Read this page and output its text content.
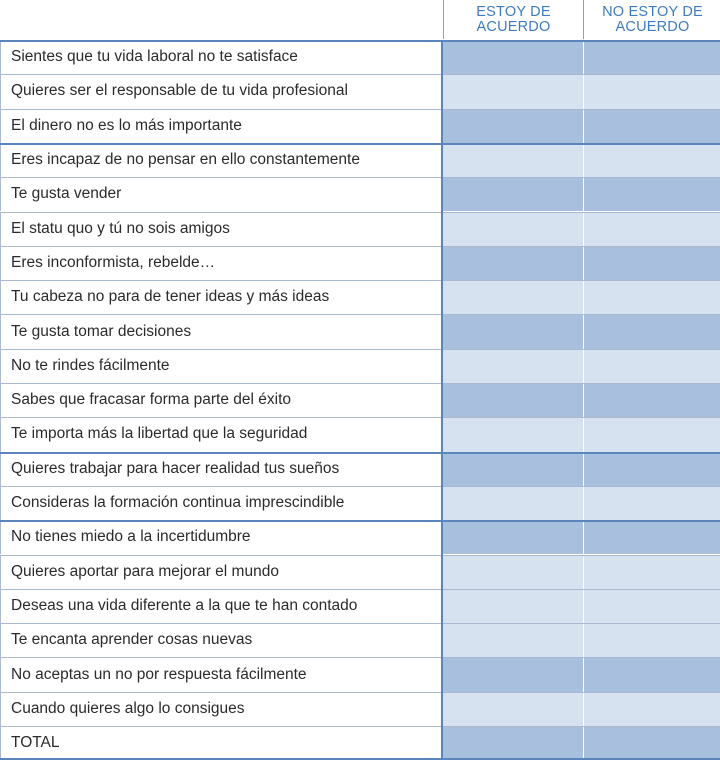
ESTOY DE
ACUERDO
NO ESTOY DE
ACUERDO
Sientes que tu vida laboral no te satisface
Quieres ser el responsable de tu vida profesional
El dinero no es lo más importante
Eres incapaz de no pensar en ello constantemente
Te gusta vender
El statu quo y tú no sois amigos
Eres inconformista, rebelde…
Tu cabeza no para de tener ideas y más ideas
Te gusta tomar decisiones
No te rindes fácilmente
Sabes que fracasar forma parte del éxito
Te importa más la libertad que la seguridad
Quieres trabajar para hacer realidad tus sueños
Consideras la formación continua imprescindible
No tienes miedo a la incertidumbre
Quieres aportar para mejorar el mundo
Deseas una vida diferente a la que te han contado
Te encanta aprender cosas nuevas
No aceptas un no por respuesta fácilmente
Cuando quieres algo lo consigues
TOTAL
